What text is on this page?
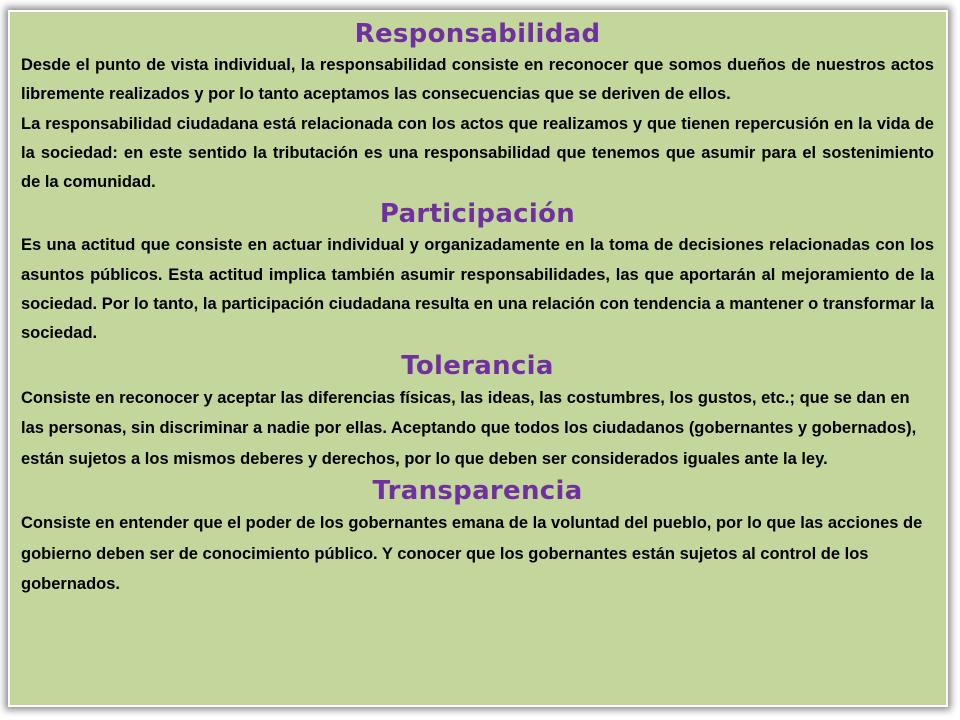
Responsabilidad

Desde el punto de vista individual, la responsabilidad consiste en reconocer que somos dueños de nuestros actos libremente realizados y por lo tanto aceptamos las consecuencias que se deriven de ellos.

La responsabilidad ciudadana está relacionada con los actos que realizamos y que tienen repercusión en la vida de la sociedad: en este sentido la tributación es una responsabilidad que tenemos que asumir para el sostenimiento de la comunidad.

Participación

Es una actitud que consiste en actuar individual y organizadamente en la toma de decisiones relacionadas con los asuntos públicos. Esta actitud implica también asumir responsabilidades, las que aportarán al mejoramiento de la sociedad. Por lo tanto, la participación ciudadana resulta en una relación con tendencia a mantener o transformar la sociedad.

Tolerancia

Consiste en reconocer y aceptar las diferencias físicas, las ideas, las costumbres, los gustos, etc.; que se dan en las personas, sin discriminar a nadie por ellas. Aceptando que todos los ciudadanos (gobernantes y gobernados), están sujetos a los mismos deberes y derechos, por lo que deben ser considerados iguales ante la ley.

Transparencia

Consiste en entender que el poder de los gobernantes emana de la voluntad del pueblo, por lo que las acciones de gobierno deben ser de conocimiento público. Y conocer que los gobernantes están sujetos al control de los gobernados.
